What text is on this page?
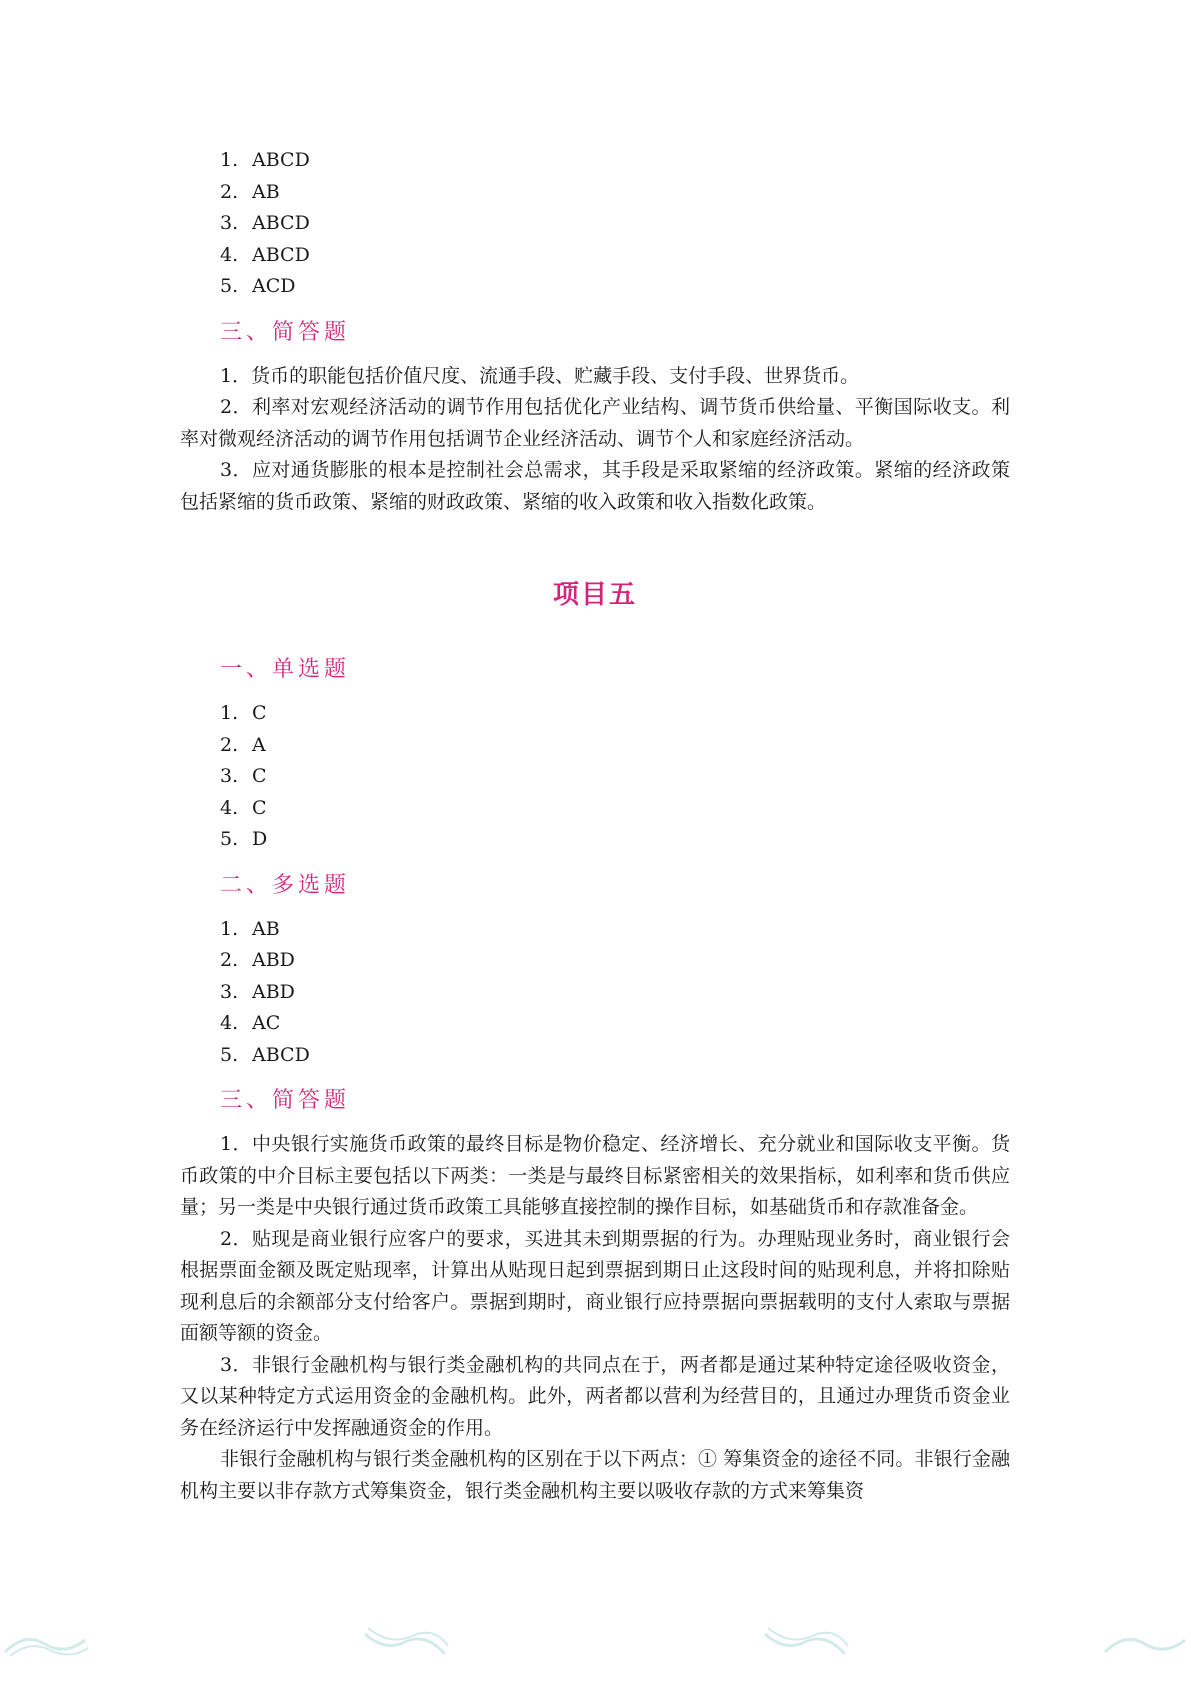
1. ABCD
2. AB
3. ABCD
4. ABCD
5. ACD
三、简答题

1．货币的职能包括价值尺度、流通手段、贮藏手段、支付手段、世界货币。

2．利率对宏观经济活动的调节作用包括优化产业结构、调节货币供给量、平衡国际收支。利率对微观经济活动的调节作用包括调节企业经济活动、调节个人和家庭经济活动。

3．应对通货膨胀的根本是控制社会总需求，其手段是采取紧缩的经济政策。紧缩的经济政策包括紧缩的货币政策、紧缩的财政政策、紧缩的收入政策和收入指数化政策。

项目五
一、单选题
1. C
2. A
3. C
4. C
5. D
二、多选题
1. AB
2. ABD
3. ABD
4. AC
5. ABCD
三、简答题

1．中央银行实施货币政策的最终目标是物价稳定、经济增长、充分就业和国际收支平衡。货币政策的中介目标主要包括以下两类：一类是与最终目标紧密相关的效果指标，如利率和货币供应量；另一类是中央银行通过货币政策工具能够直接控制的操作目标，如基础货币和存款准备金。

2．贴现是商业银行应客户的要求，买进其未到期票据的行为。办理贴现业务时，商业银行会根据票面金额及既定贴现率，计算出从贴现日起到票据到期日止这段时间的贴现利息，并将扣除贴现利息后的余额部分支付给客户。票据到期时，商业银行应持票据向票据载明的支付人索取与票据面额等额的资金。

3．非银行金融机构与银行类金融机构的共同点在于，两者都是通过某种特定途径吸收资金，又以某种特定方式运用资金的金融机构。此外，两者都以营利为经营目的，且通过办理货币资金业务在经济运行中发挥融通资金的作用。

非银行金融机构与银行类金融机构的区别在于以下两点：① 筹集资金的途径不同。非银行金融机构主要以非存款方式筹集资金，银行类金融机构主要以吸收存款的方式来筹集资
